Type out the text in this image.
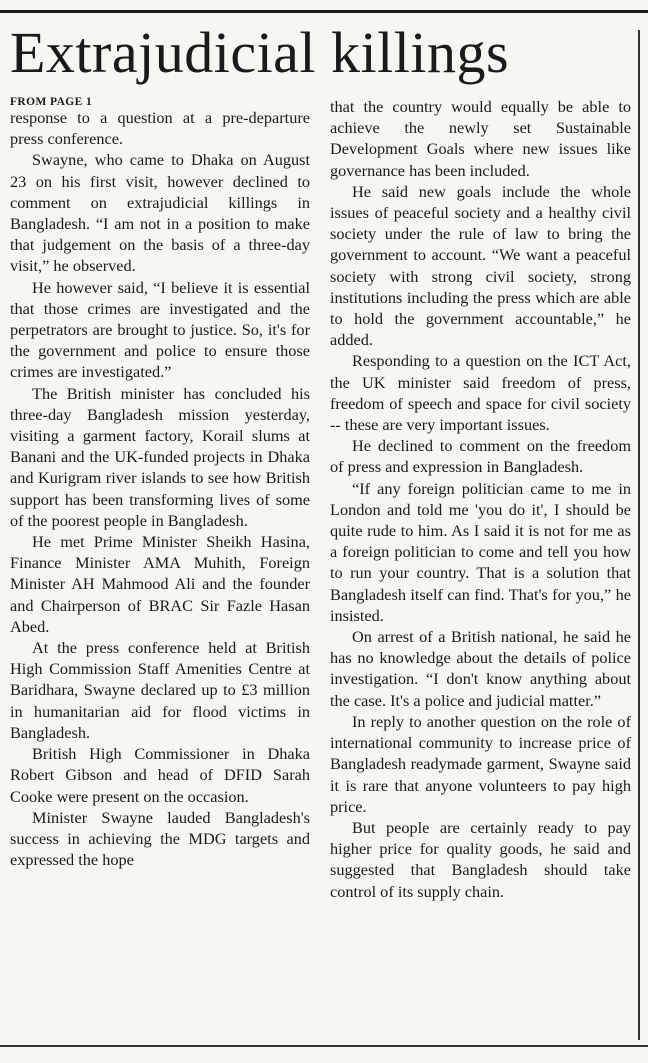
Extrajudicial killings
FROM PAGE 1

response to a question at a pre-departure press conference.

Swayne, who came to Dhaka on August 23 on his first visit, however declined to comment on extrajudicial killings in Bangladesh. “I am not in a position to make that judgement on the basis of a three-day visit,” he observed.

He however said, “I believe it is essential that those crimes are investigated and the perpetrators are brought to justice. So, it's for the government and police to ensure those crimes are investigated.”

The British minister has concluded his three-day Bangladesh mission yesterday, visiting a garment factory, Korail slums at Banani and the UK-funded projects in Dhaka and Kurigram river islands to see how British support has been transforming lives of some of the poorest people in Bangladesh.

He met Prime Minister Sheikh Hasina, Finance Minister AMA Muhith, Foreign Minister AH Mahmood Ali and the founder and Chairperson of BRAC Sir Fazle Hasan Abed.

At the press conference held at British High Commission Staff Amenities Centre at Baridhara, Swayne declared up to £3 million in humanitarian aid for flood victims in Bangladesh.

British High Commissioner in Dhaka Robert Gibson and head of DFID Sarah Cooke were present on the occasion.

Minister Swayne lauded Bangladesh's success in achieving the MDG targets and expressed the hope

that the country would equally be able to achieve the newly set Sustainable Development Goals where new issues like governance has been included.

He said new goals include the whole issues of peaceful society and a healthy civil society under the rule of law to bring the government to account. “We want a peaceful society with strong civil society, strong institutions including the press which are able to hold the government accountable,” he added.

Responding to a question on the ICT Act, the UK minister said freedom of press, freedom of speech and space for civil society -- these are very important issues.

He declined to comment on the freedom of press and expression in Bangladesh.

“If any foreign politician came to me in London and told me 'you do it', I should be quite rude to him. As I said it is not for me as a foreign politician to come and tell you how to run your country. That is a solution that Bangladesh itself can find. That's for you,” he insisted.

On arrest of a British national, he said he has no knowledge about the details of police investigation. “I don't know anything about the case. It's a police and judicial matter.”

In reply to another question on the role of international community to increase price of Bangladesh readymade garment, Swayne said it is rare that anyone volunteers to pay high price.

But people are certainly ready to pay higher price for quality goods, he said and suggested that Bangladesh should take control of its supply chain.
